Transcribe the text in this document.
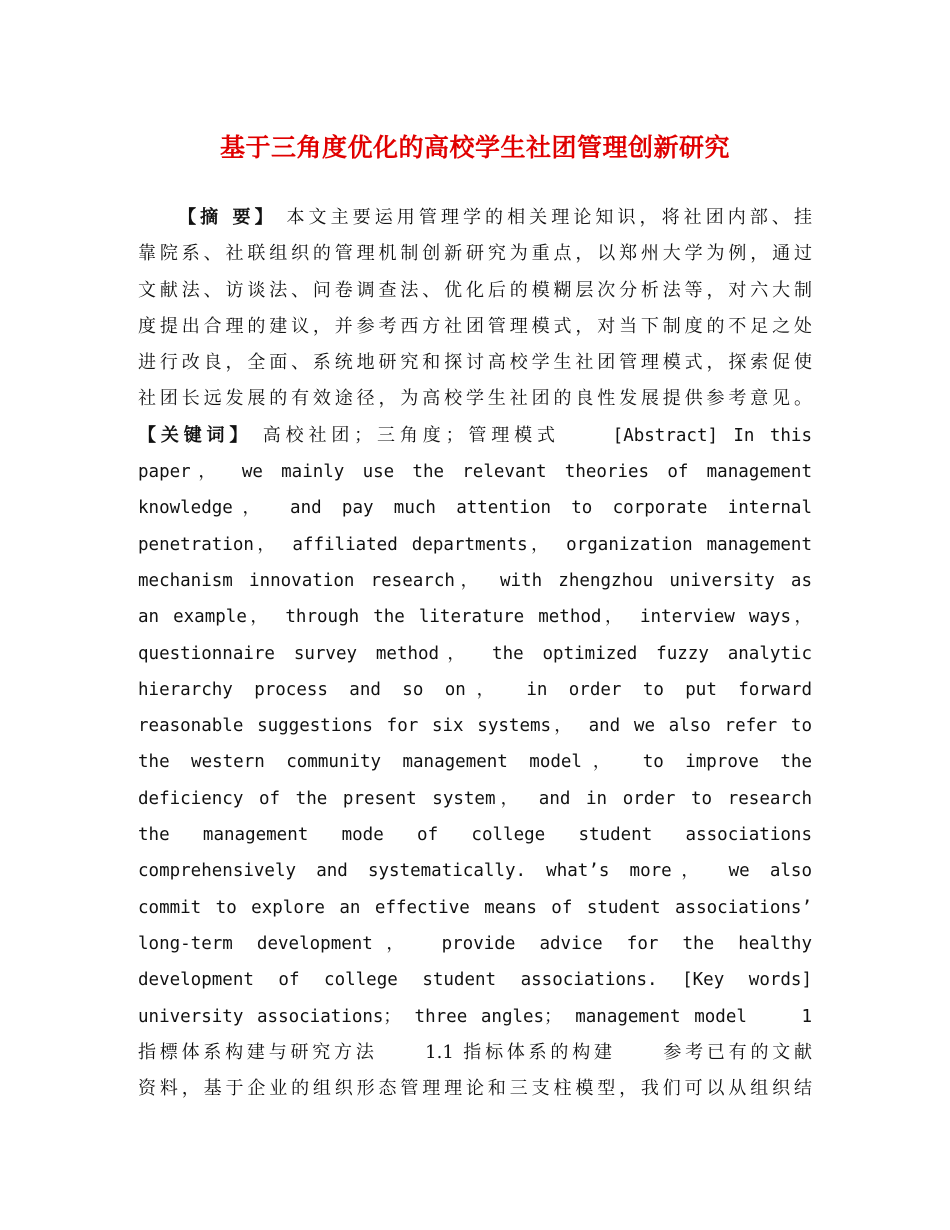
基于三角度优化的高校学生社团管理创新研究
【摘 要】 本文主要运用管理学的相关理论知识，将社团内部、挂
靠院系、社联组织的管理机制创新研究为重点，以郑州大学为例，通过
文献法、访谈法、问卷调查法、优化后的模糊层次分析法等，对六大制
度提出合理的建议，并参考西方社团管理模式，对当下制度的不足之处
进行改良，全面、系统地研究和探讨高校学生社团管理模式，探索促使
社团长远发展的有效途径，为高校学生社团的良性发展提供参考意见。
【关键词】 高校社团；三角度；管理模式	[Abstract] In this
paper， we mainly use the relevant theories of management
knowledge， and pay much attention to corporate internal
penetration， affiliated departments， organization management
mechanism innovation research， with zhengzhou university as
an example， through the literature method， interview ways，
questionnaire survey method， the optimized fuzzy analytic
hierarchy process and so on， in order to put forward
reasonable suggestions for six systems， and we also refer to
the western community management model， to improve the
deficiency of the present system， and in order to research
the management mode of college student associations
comprehensively and systematically. what’s more， we also
commit to explore an effective means of student associations’
long-term development， provide advice for the healthy
development of college student associations. [Key words]
university associations； three angles； management model	1
指標体系构建与研究方法	1.1 指标体系的构建	参考已有的文献
资料，基于企业的组织形态管理理论和三支柱模型，我们可以从组织结
